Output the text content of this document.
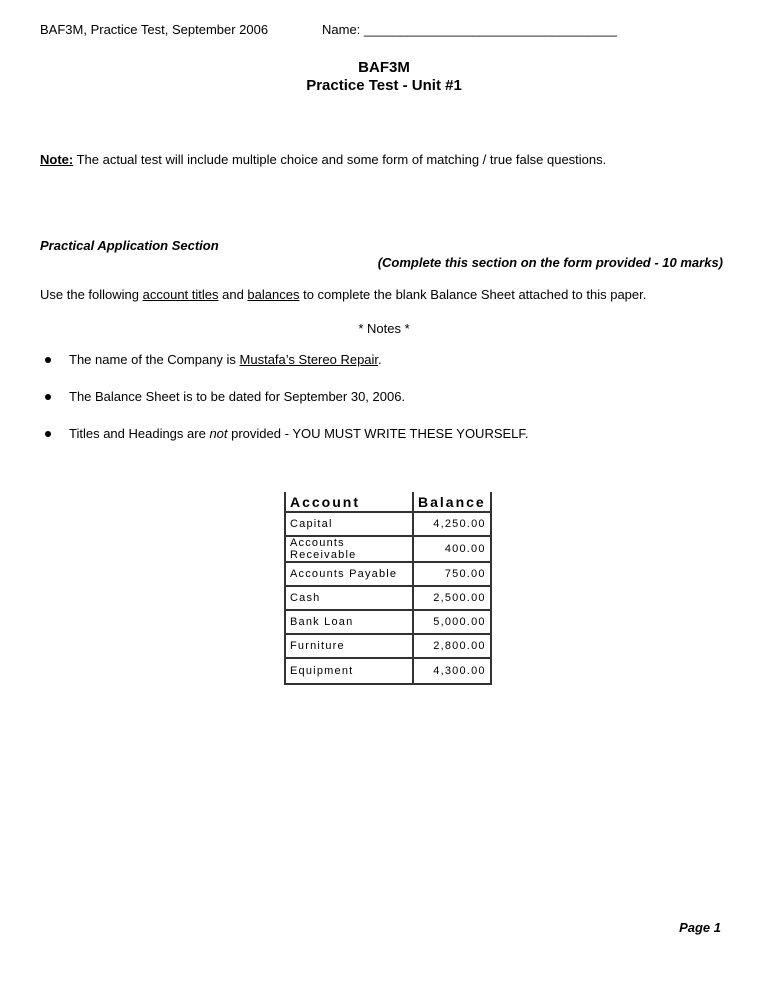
BAF3M, Practice Test, September 2006	Name: ___________________________________
BAF3M
Practice Test - Unit #1
Note: The actual test will include multiple choice and some form of matching / true false questions.
Practical Application Section
(Complete this section on the form provided - 10 marks)
Use the following account titles and balances to complete the blank Balance Sheet attached to this paper.
* Notes *
The name of the Company is Mustafa’s Stereo Repair.
The Balance Sheet is to be dated for September 30, 2006.
Titles and Headings are not provided - YOU MUST WRITE THESE YOURSELF.
Account	Balance
Capital	4,250.00
Accounts Receivable	400.00
Accounts Payable	750.00
Cash	2,500.00
Bank Loan	5,000.00
Furniture	2,800.00
Equipment	4,300.00
Page 1
